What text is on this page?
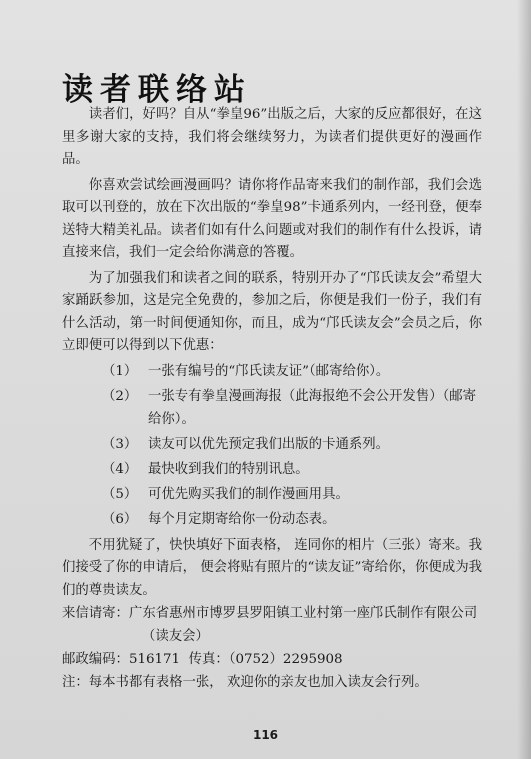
读者联络站

读者们，好吗？自从“拳皇96”出版之后，大家的反应都很好，在这里多谢大家的支持，我们将会继续努力，为读者们提供更好的漫画作品。

你喜欢尝试绘画漫画吗？请你将作品寄来我们的制作部，我们会选取可以刊登的，放在下次出版的“拳皇98”卡通系列内，一经刊登，便奉送特大精美礼品。读者们如有什么问题或对我们的制作有什么投诉，请直接来信，我们一定会给你满意的答覆。

为了加强我们和读者之间的联系，特别开办了“邝氏读友会”希望大家踊跃参加，这是完全免费的，参加之后，你便是我们一份子，我们有什么活动，第一时间便通知你，而且，成为“邝氏读友会”会员之后，你立即便可以得到以下优惠：

（1） 一张有编号的“邝氏读友证”（邮寄给你）。

（2） 一张专有拳皇漫画海报（此海报绝不会公开发售）（邮寄给你）。

（3） 读友可以优先预定我们出版的卡通系列。

（4） 最快收到我们的特别讯息。

（5） 可优先购买我们的制作漫画用具。

（6） 每个月定期寄给你一份动态表。

不用犹疑了，快快填好下面表格， 连同你的相片（三张）寄来。我们接受了你的申请后， 便会将贴有照片的“读友证”寄给你，你便成为我们的尊贵读友。

来信请寄：广东省惠州市博罗县罗阳镇工业村第一座邝氏制作有限公司（读友会）

邮政编码：516171 传真：（0752）2295908

注：每本书都有表格一张， 欢迎你的亲友也加入读友会行列。

116
